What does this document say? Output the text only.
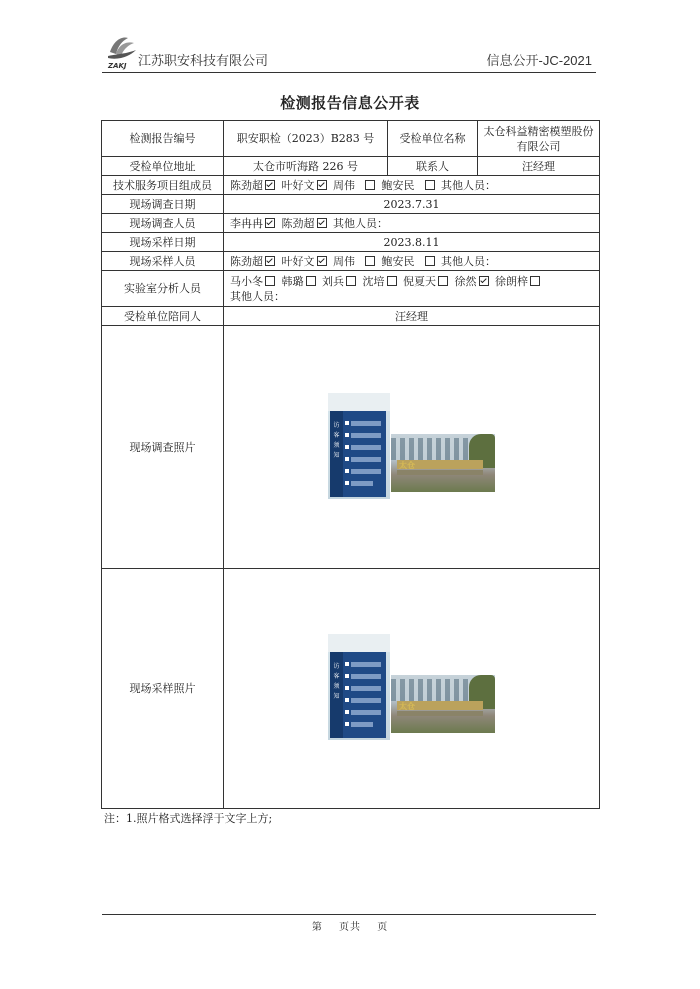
ZAKJ 江苏职安科技有限公司	信息公开-JC-2021
检测报告信息公开表
检测报告编号	职安职检（2023）B283 号	受检单位名称	太仓科益精密模塑股份有限公司
受检单位地址	太仓市听海路 226 号	联系人	汪经理
技术服务项目组成员	陈劲超 叶好文 周伟 鲍安民 其他人员：		
现场调查日期	2023.7.31		
现场调查人员	李冉冉 陈劲超 其他人员：		
现场采样日期	2023.8.11		
现场采样人员	陈劲超 叶好文 周伟 鲍安民 其他人员：		
实验室分析人员	马小冬 韩璐 刘兵 沈培 倪夏天 徐然 徐朗梓
其他人员：		
受检单位陪同人	汪经理		
现场调查照片	访
客
须
知
太仓		

现场采样照片	访
客
须
知
太仓		
注：1.照片格式选择浮于文字上方;
第 页共 页
